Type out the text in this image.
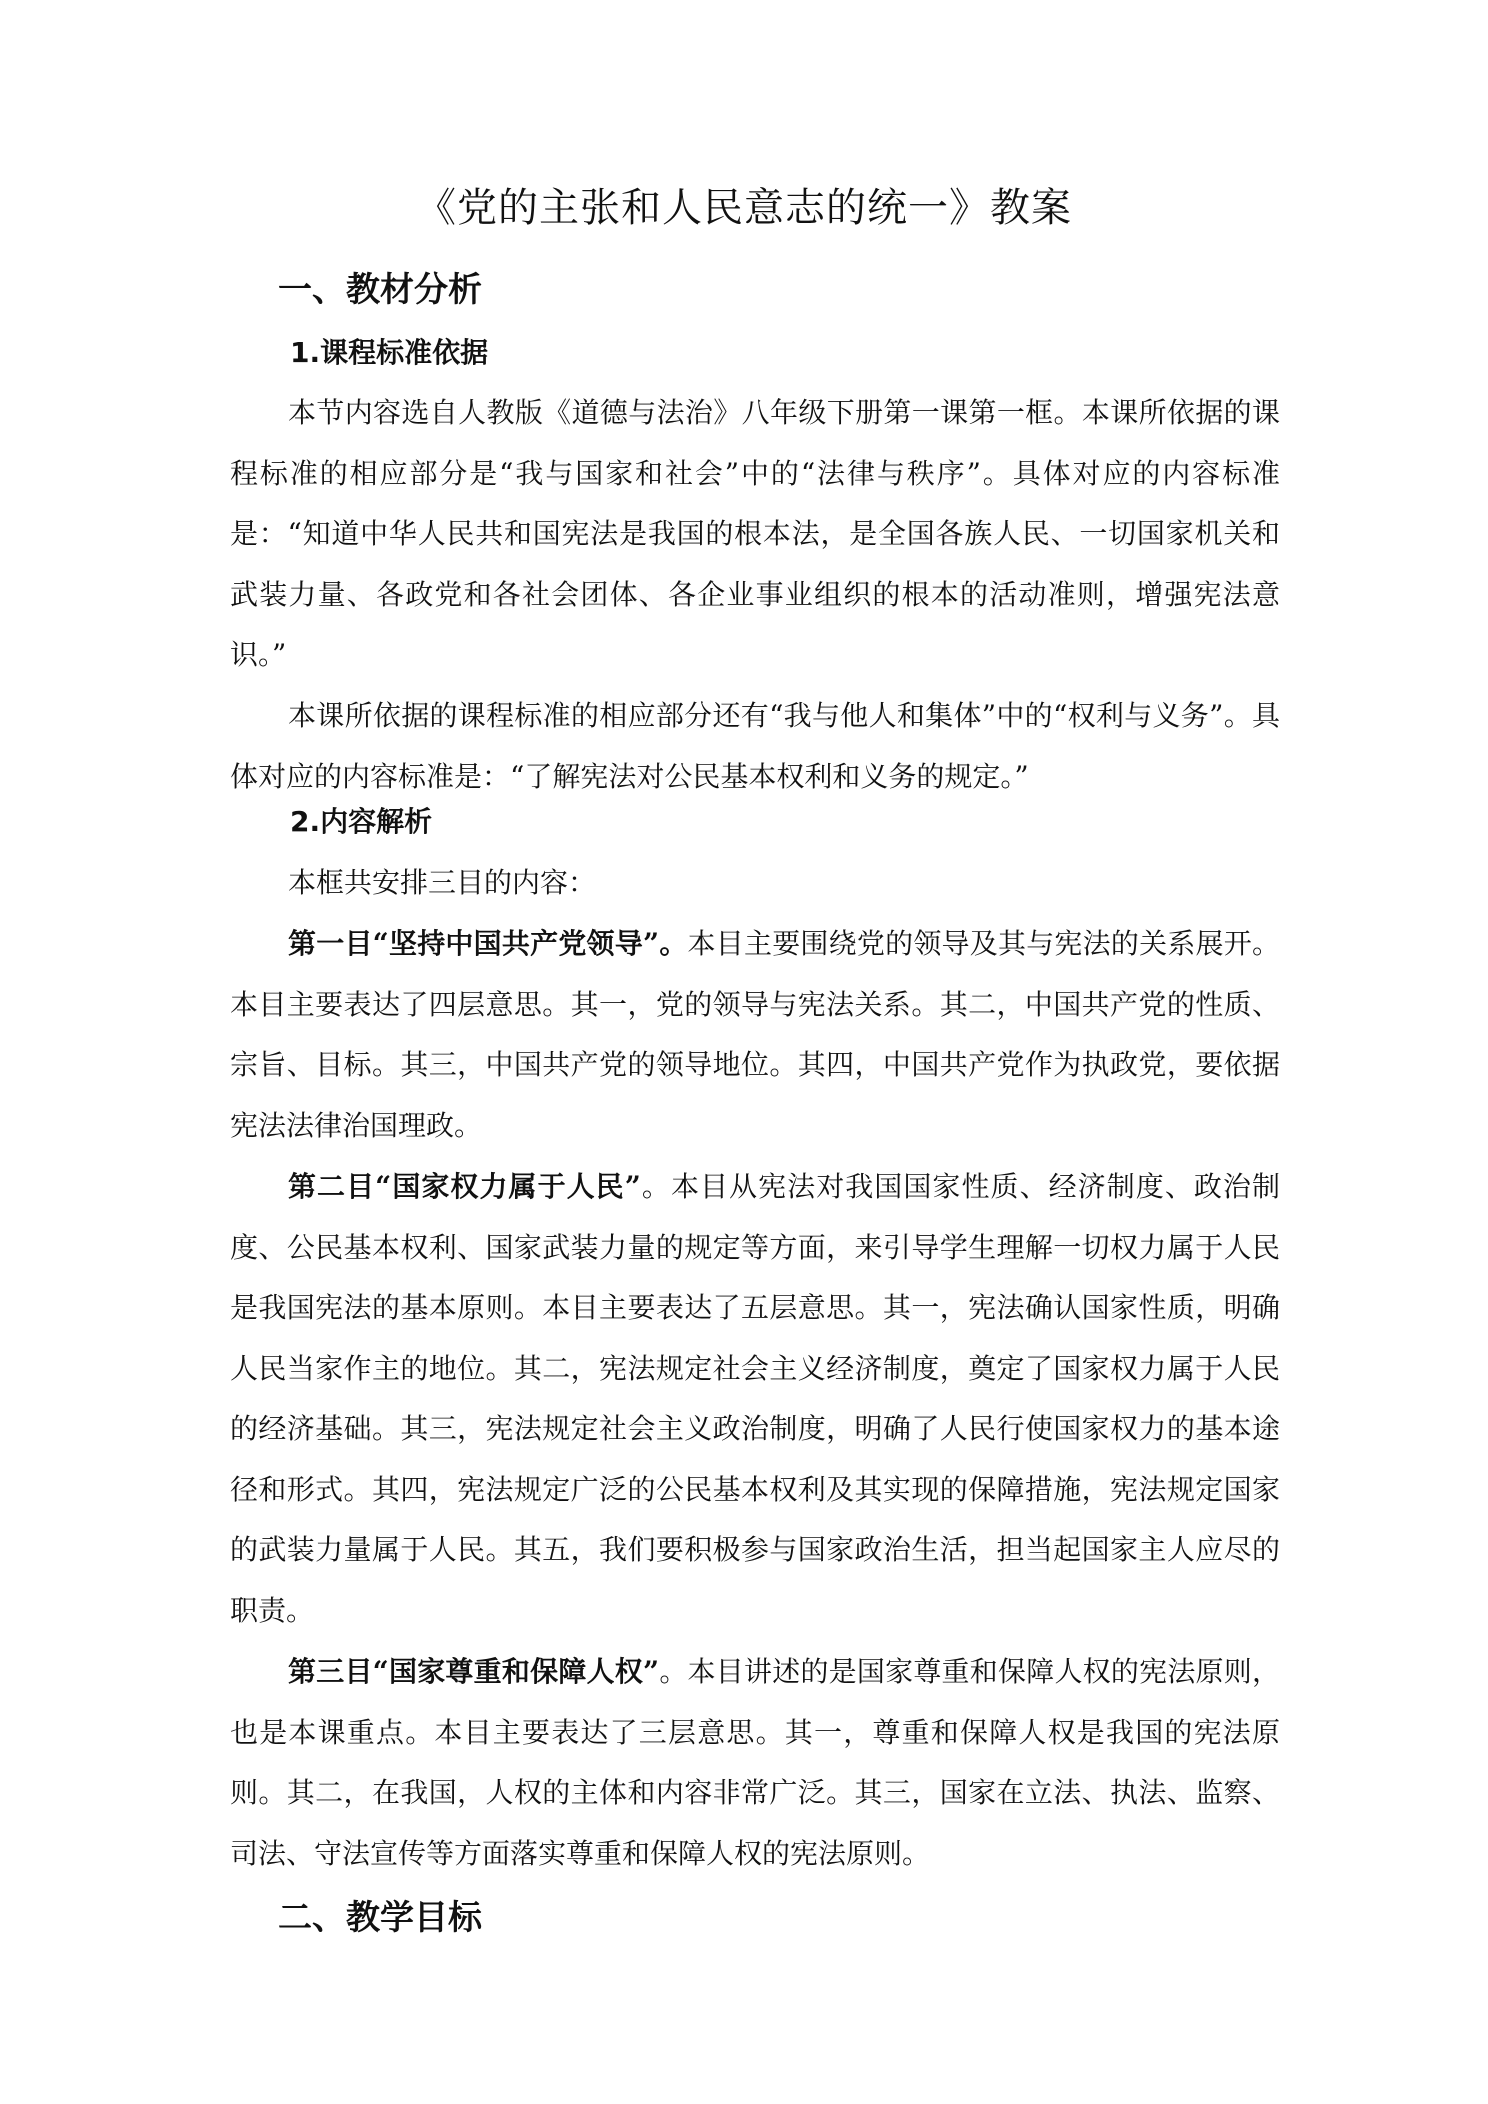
《党的主张和人民意志的统一》教案
一、教材分析
1.课程标准依据

本节内容选自人教版《道德与法治》八年级下册第一课第一框。本课所依据的课程标准的相应部分是“我与国家和社会”中的“法律与秩序”。具体对应的内容标准是：“知道中华人民共和国宪法是我国的根本法，是全国各族人民、一切国家机关和武装力量、各政党和各社会团体、各企业事业组织的根本的活动准则，增强宪法意识。”

本课所依据的课程标准的相应部分还有“我与他人和集体”中的“权利与义务”。具体对应的内容标准是：“了解宪法对公民基本权利和义务的规定。”

2.内容解析

本框共安排三目的内容：

第一目“坚持中国共产党领导”。本目主要围绕党的领导及其与宪法的关系展开。本目主要表达了四层意思。其一，党的领导与宪法关系。其二，中国共产党的性质、宗旨、目标。其三，中国共产党的领导地位。其四，中国共产党作为执政党，要依据宪法法律治国理政。

第二目“国家权力属于人民”。本目从宪法对我国国家性质、经济制度、政治制度、公民基本权利、国家武装力量的规定等方面，来引导学生理解一切权力属于人民是我国宪法的基本原则。本目主要表达了五层意思。其一，宪法确认国家性质，明确人民当家作主的地位。其二，宪法规定社会主义经济制度，奠定了国家权力属于人民的经济基础。其三，宪法规定社会主义政治制度，明确了人民行使国家权力的基本途径和形式。其四，宪法规定广泛的公民基本权利及其实现的保障措施，宪法规定国家的武装力量属于人民。其五，我们要积极参与国家政治生活，担当起国家主人应尽的职责。

第三目“国家尊重和保障人权”。本目讲述的是国家尊重和保障人权的宪法原则，也是本课重点。本目主要表达了三层意思。其一，尊重和保障人权是我国的宪法原则。其二，在我国，人权的主体和内容非常广泛。其三，国家在立法、执法、监察、司法、守法宣传等方面落实尊重和保障人权的宪法原则。

二、教学目标
